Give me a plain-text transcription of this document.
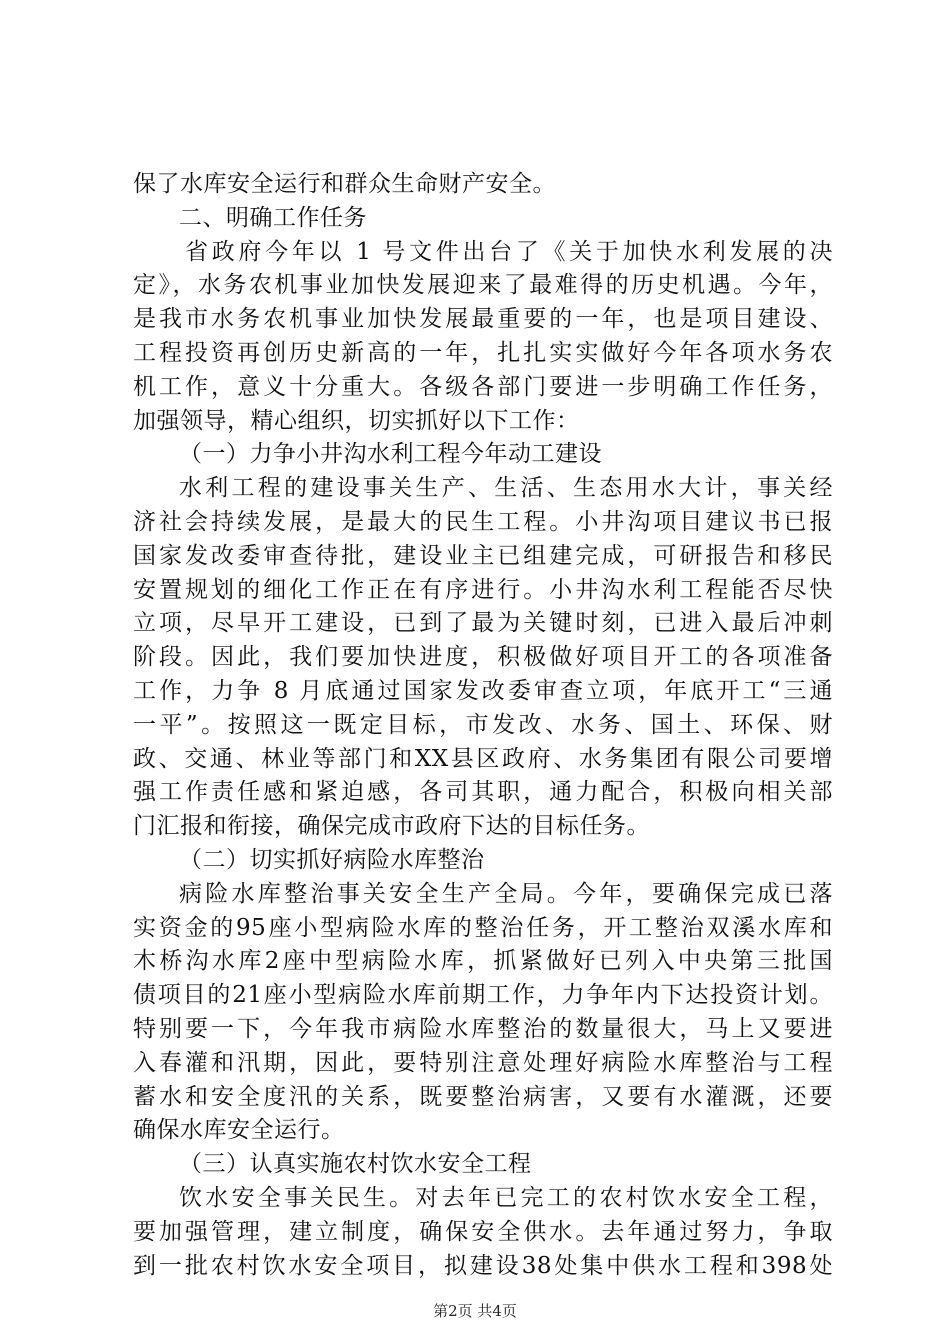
保了水库安全运行和群众生命财产安全。
二、明确工作任务
省政府今年以 1 号文件出台了《关于加快水利发展的决
定》，水务农机事业加快发展迎来了最难得的历史机遇。今年，
是我市水务农机事业加快发展最重要的一年，也是项目建设、
工程投资再创历史新高的一年，扎扎实实做好今年各项水务农
机工作，意义十分重大。各级各部门要进一步明确工作任务，
加强领导，精心组织，切实抓好以下工作：
（一）力争小井沟水利工程今年动工建设
水利工程的建设事关生产、生活、生态用水大计，事关经
济社会持续发展，是最大的民生工程。小井沟项目建议书已报
国家发改委审查待批，建设业主已组建完成，可研报告和移民
安置规划的细化工作正在有序进行。小井沟水利工程能否尽快
立项，尽早开工建设，已到了最为关键时刻，已进入最后冲刺
阶段。因此，我们要加快进度，积极做好项目开工的各项准备
工作，力争 8 月底通过国家发改委审查立项，年底开工“三通
一平”。按照这一既定目标，市发改、水务、国土、环保、财
政、交通、林业等部门和XX县区政府、水务集团有限公司要增
强工作责任感和紧迫感，各司其职，通力配合，积极向相关部
门汇报和衔接，确保完成市政府下达的目标任务。
（二）切实抓好病险水库整治
病险水库整治事关安全生产全局。今年，要确保完成已落
实资金的95座小型病险水库的整治任务，开工整治双溪水库和
木桥沟水库2座中型病险水库，抓紧做好已列入中央第三批国
债项目的21座小型病险水库前期工作，力争年内下达投资计划。
特别要一下，今年我市病险水库整治的数量很大，马上又要进
入春灌和汛期，因此，要特别注意处理好病险水库整治与工程
蓄水和安全度汛的关系，既要整治病害，又要有水灌溉，还要
确保水库安全运行。
（三）认真实施农村饮水安全工程
饮水安全事关民生。对去年已完工的农村饮水安全工程，
要加强管理，建立制度，确保安全供水。去年通过努力，争取
到一批农村饮水安全项目，拟建设38处集中供水工程和398处
第2页 共4页
